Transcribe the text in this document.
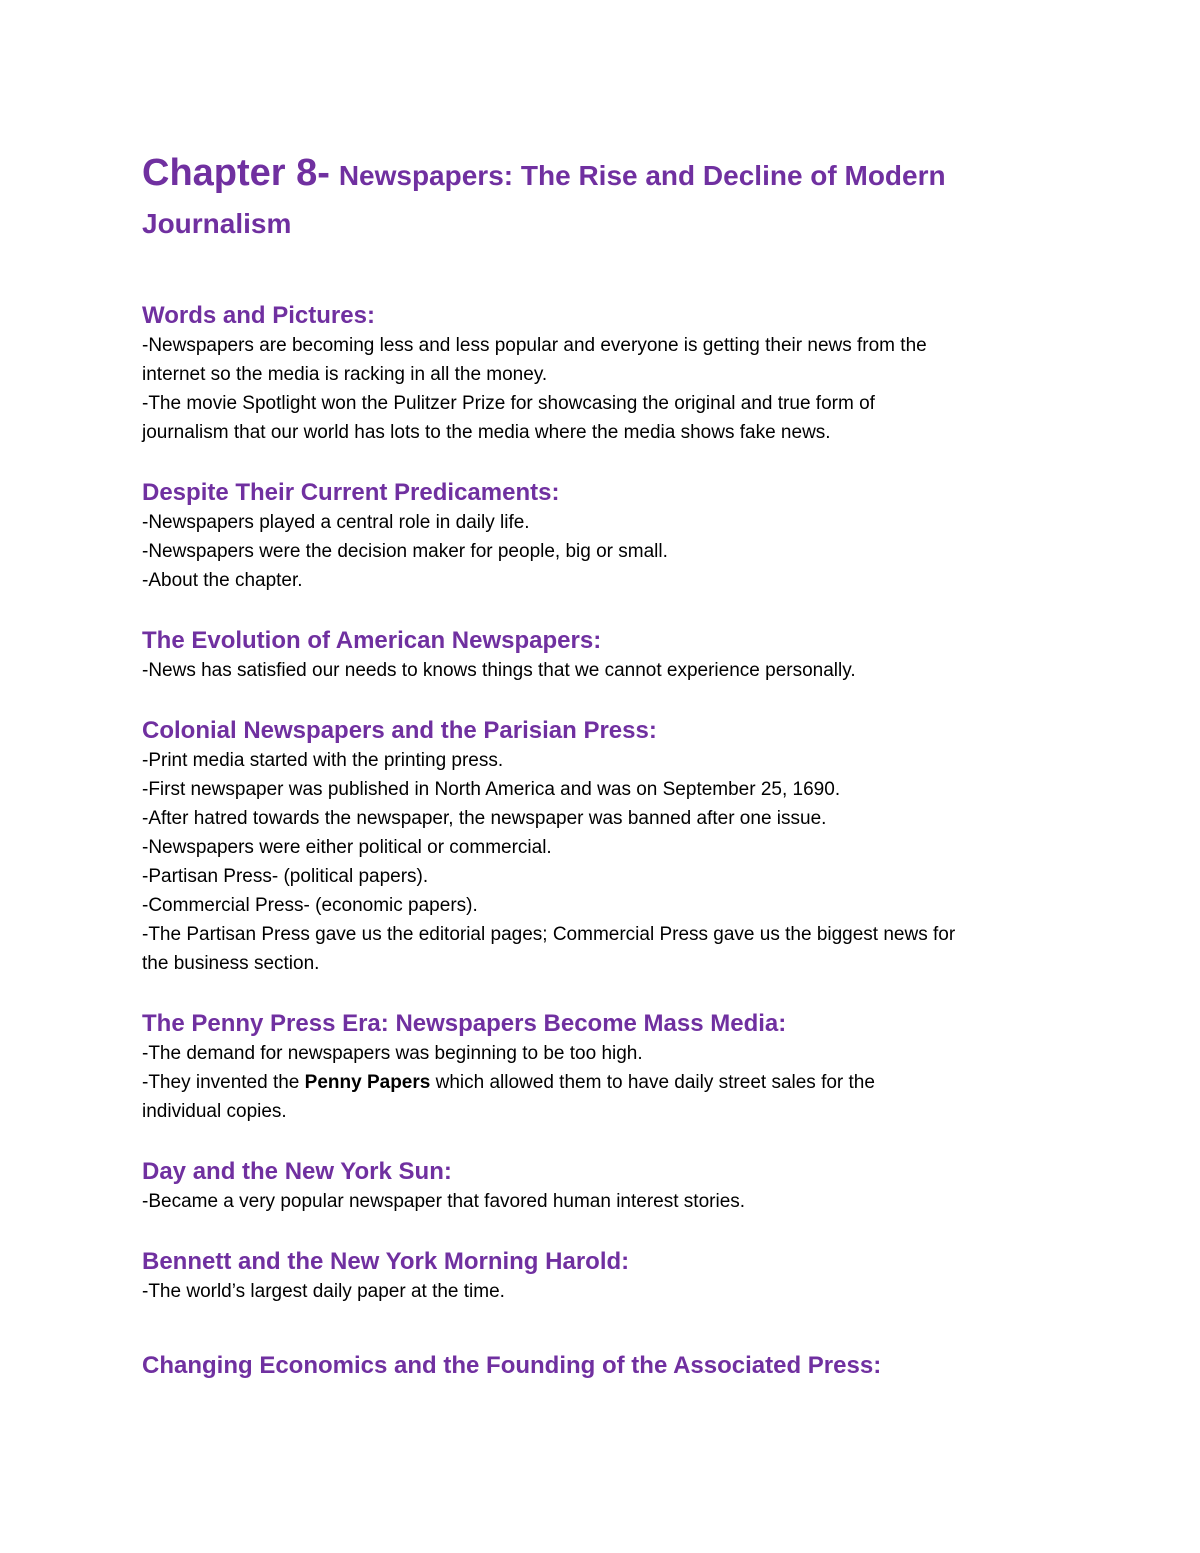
Chapter 8- Newspapers: The Rise and Decline of Modern
Journalism
Words and Pictures:

-Newspapers are becoming less and less popular and everyone is getting their news from the

internet so the media is racking in all the money.

-The movie Spotlight won the Pulitzer Prize for showcasing the original and true form of

journalism that our world has lots to the media where the media shows fake news.

Despite Their Current Predicaments:

-Newspapers played a central role in daily life.

-Newspapers were the decision maker for people, big or small.

-About the chapter.

The Evolution of American Newspapers:

-News has satisfied our needs to knows things that we cannot experience personally.

Colonial Newspapers and the Parisian Press:

-Print media started with the printing press.

-First newspaper was published in North America and was on September 25, 1690.

-After hatred towards the newspaper, the newspaper was banned after one issue.

-Newspapers were either political or commercial.

-Partisan Press- (political papers).

-Commercial Press- (economic papers).

-The Partisan Press gave us the editorial pages; Commercial Press gave us the biggest news for

the business section.

The Penny Press Era: Newspapers Become Mass Media:

-The demand for newspapers was beginning to be too high.

-They invented the Penny Papers which allowed them to have daily street sales for the

individual copies.

Day and the New York Sun:

-Became a very popular newspaper that favored human interest stories.

Bennett and the New York Morning Harold:

-The world’s largest daily paper at the time.

Changing Economics and the Founding of the Associated Press:
